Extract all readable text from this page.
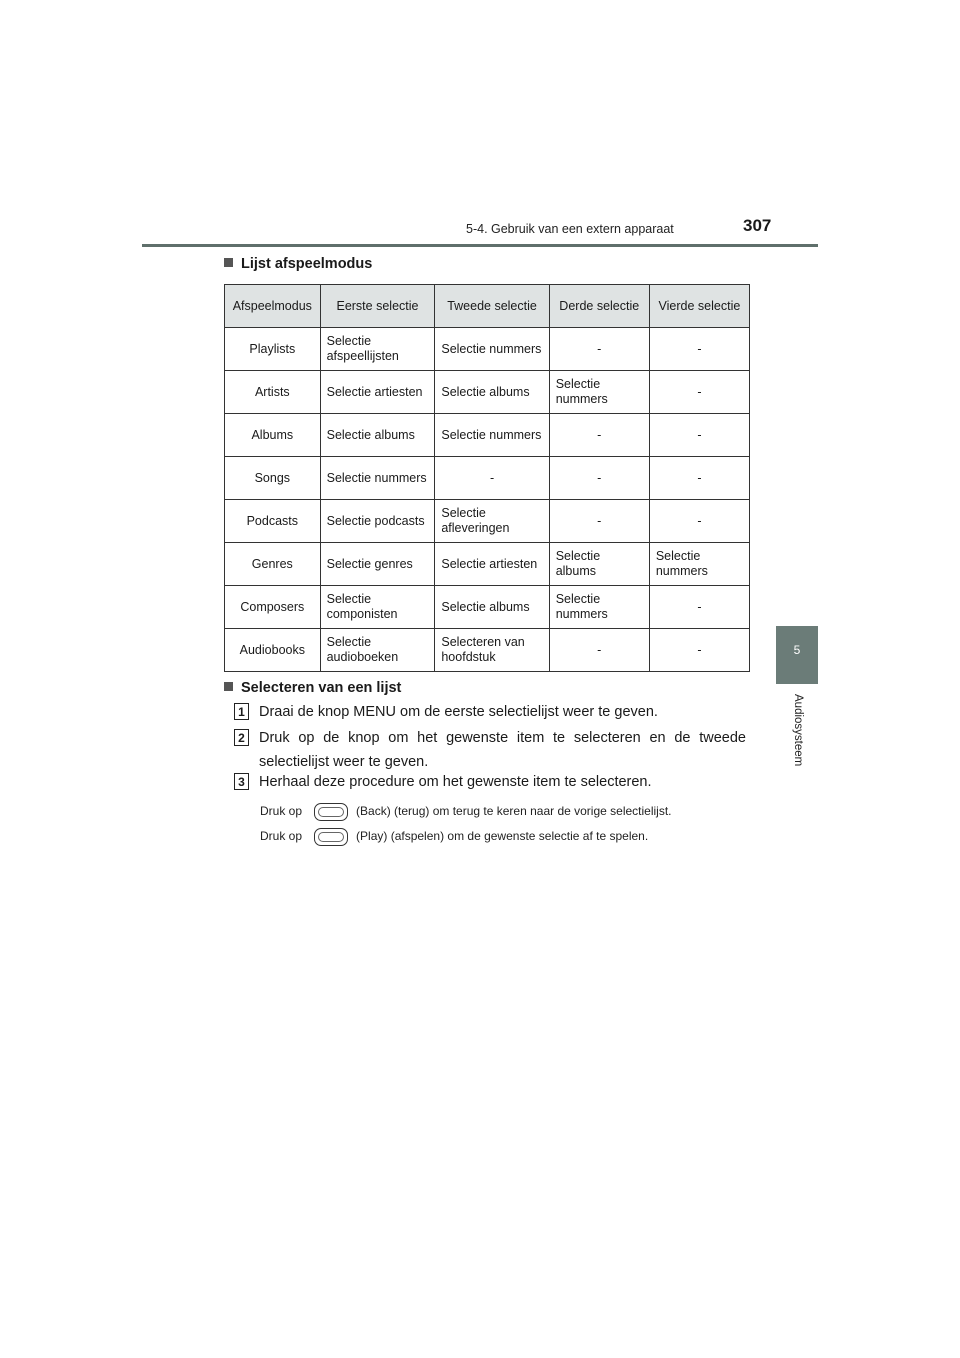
5-4. Gebruik van een extern apparaat	307
5
Audiosysteem
Lijst afspeelmodus
Afspeelmodus	Eerste selectie	Tweede selectie	Derde selectie	Vierde selectie
Playlists	Selectie afspeellijsten	Selectie nummers	-	-
Artists	Selectie artiesten	Selectie albums	Selectie nummers	-
Albums	Selectie albums	Selectie nummers	-	-
Songs	Selectie nummers	-	-	-
Podcasts	Selectie podcasts	Selectie afleveringen	-	-
Genres	Selectie genres	Selectie artiesten	Selectie albums	Selectie nummers
Composers	Selectie componisten	Selectie albums	Selectie nummers	-
Audiobooks	Selectie audioboeken	Selecteren van hoofdstuk	-	-
Selecteren van een lijst
1 Draai de knop MENU om de eerste selectielijst weer te geven.
2 Druk op de knop om het gewenste item te selecteren en de tweede selectielijst weer te geven.
3 Herhaal deze procedure om het gewenste item te selecteren.
Druk op	(Back) (terug) om terug te keren naar de vorige selectielijst.
Druk op	(Play) (afspelen) om de gewenste selectie af te spelen.
